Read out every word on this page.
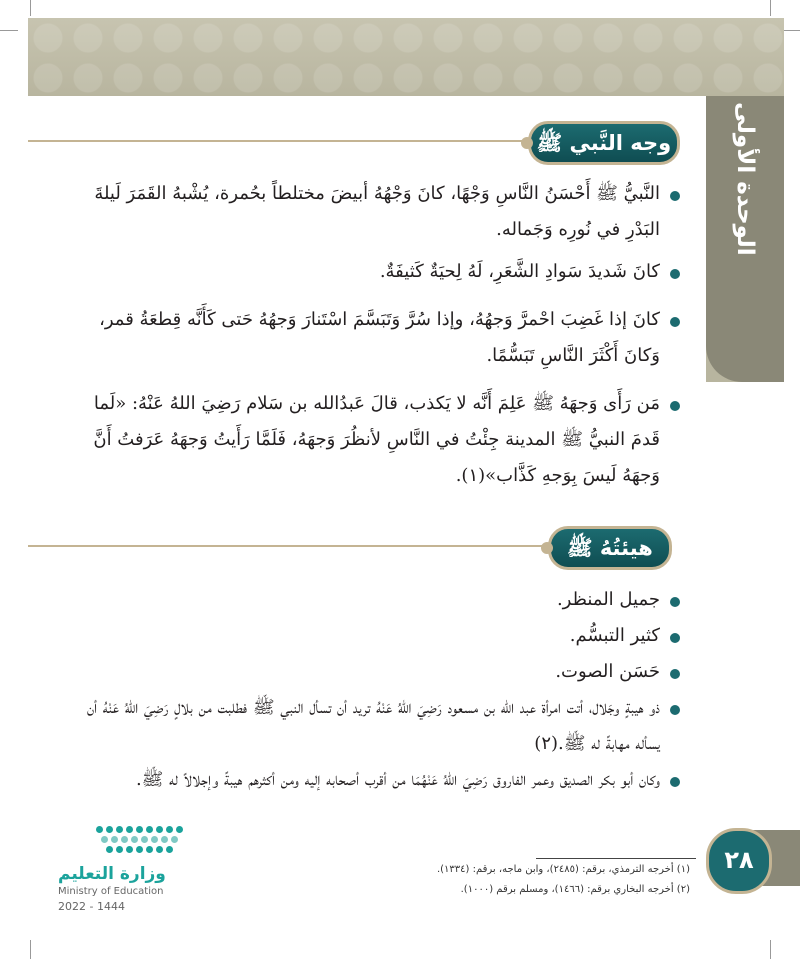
الوحدة الأولى
وجه النَّبي ﷺ
النَّبيُّ ﷺ أَحْسَنُ النَّاسِ وَجْهًا، كانَ وَجْهُهُ أبيضَ مختلطاً بحُمرة، يُشْبهُ القَمَرَ لَيلةَ البَدْرِ في نُورِه وَجَماله.
كانَ شَديدَ سَوادِ الشَّعَرِ، لَهُ لِحيَةٌ كَثيفَةٌ.
كانَ إذا غَضِبَ احْمرَّ وَجهُهُ، وإذا سُرَّ وَتَبَسَّمَ اسْتَنارَ وَجهُهُ حَتى كَأَنَّه قِطعَةُ قمر، وَكانَ أَكْثَرَ النَّاسِ تَبَسُّمًا.
مَن رَأَى وَجهَهُ ﷺ عَلِمَ أَنَّه لا يَكذب، قالَ عَبدُالله بن سَلام رَضِيَ اللهُ عَنْهُ: «لَما قَدمَ النبيُّ ﷺ المدينة جِئْتُ في النَّاسِ لأنظُرَ وَجهَهُ، فَلَمَّا رَأَيتُ وَجهَهُ عَرَفتُ أَنَّ وَجهَهُ لَيسَ بِوَجهِ كَذَّاب»(١).
هيئتُهُ ﷺ
جميل المنظر.
كثير التبسُّم.
حَسَن الصوت.
ذو هيبةٍ وجَلال، أتت امرأة عبد الله بن مسعود رَضِيَ اللهُ عَنْهُ تريد أن تسأل النبي ﷺ فطلبت من بلالٍ رَضِيَ اللهُ عَنْهُ أن يسأله مهابةً له ﷺ.(٢)
وكان أبو بكر الصديق وعمر الفاروق رَضِيَ اللهُ عَنْهُمَا من أقرب أصحابه إليه ومن أكثرهم هيبةً وإجلالاً له ﷺ.
٢٨
(١) أخرجه الترمذي، برقم: (٢٤٨٥)، وابن ماجه، برقم: (١٣٣٤).
(٢) أخرجه البخاري برقم: (١٤٦٦)، ومسلم برقم (١٠٠٠).
وزارة التعليم
Ministry of Education
2022 - 1444
